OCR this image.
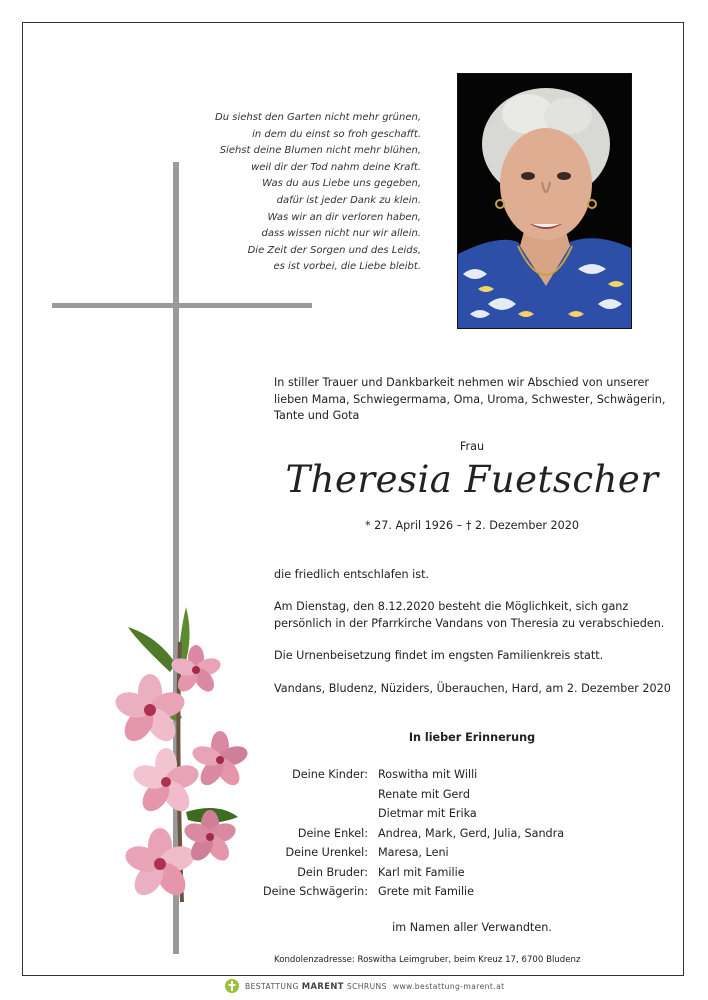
Du siehst den Garten nicht mehr grünen,
in dem du einst so froh geschafft.
Siehst deine Blumen nicht mehr blühen,
weil dir der Tod nahm deine Kraft.
Was du aus Liebe uns gegeben,
dafür ist jeder Dank zu klein.
Was wir an dir verloren haben,
dass wissen nicht nur wir allein.
Die Zeit der Sorgen und des Leids,
es ist vorbei, die Liebe bleibt.
In stiller Trauer und Dankbarkeit nehmen wir Abschied von unserer lieben Mama, Schwiegermama, Oma, Uroma, Schwester, Schwägerin, Tante und Gota
Frau
Theresia Fuetscher
* 27. April 1926 – † 2. Dezember 2020
die friedlich entschlafen ist.
Am Dienstag, den 8.12.2020 besteht die Möglichkeit, sich ganz persönlich in der Pfarrkirche Vandans von Theresia zu verabschieden.
Die Urnenbeisetzung findet im engsten Familienkreis statt.
Vandans, Bludenz, Nüziders, Überauchen, Hard, am 2. Dezember 2020
In lieber Erinnerung
Deine Kinder: Roswitha mit Willi
Renate mit Gerd
Dietmar mit Erika
Deine Enkel: Andrea, Mark, Gerd, Julia, Sandra
Deine Urenkel: Maresa, Leni
Dein Bruder: Karl mit Familie
Deine Schwägerin: Grete mit Familie
im Namen aller Verwandten.
Kondolenzadresse: Roswitha Leimgruber, beim Kreuz 17, 6700 Bludenz
BESTATTUNG MARENT SCHRUNS www.bestattung-marent.at
